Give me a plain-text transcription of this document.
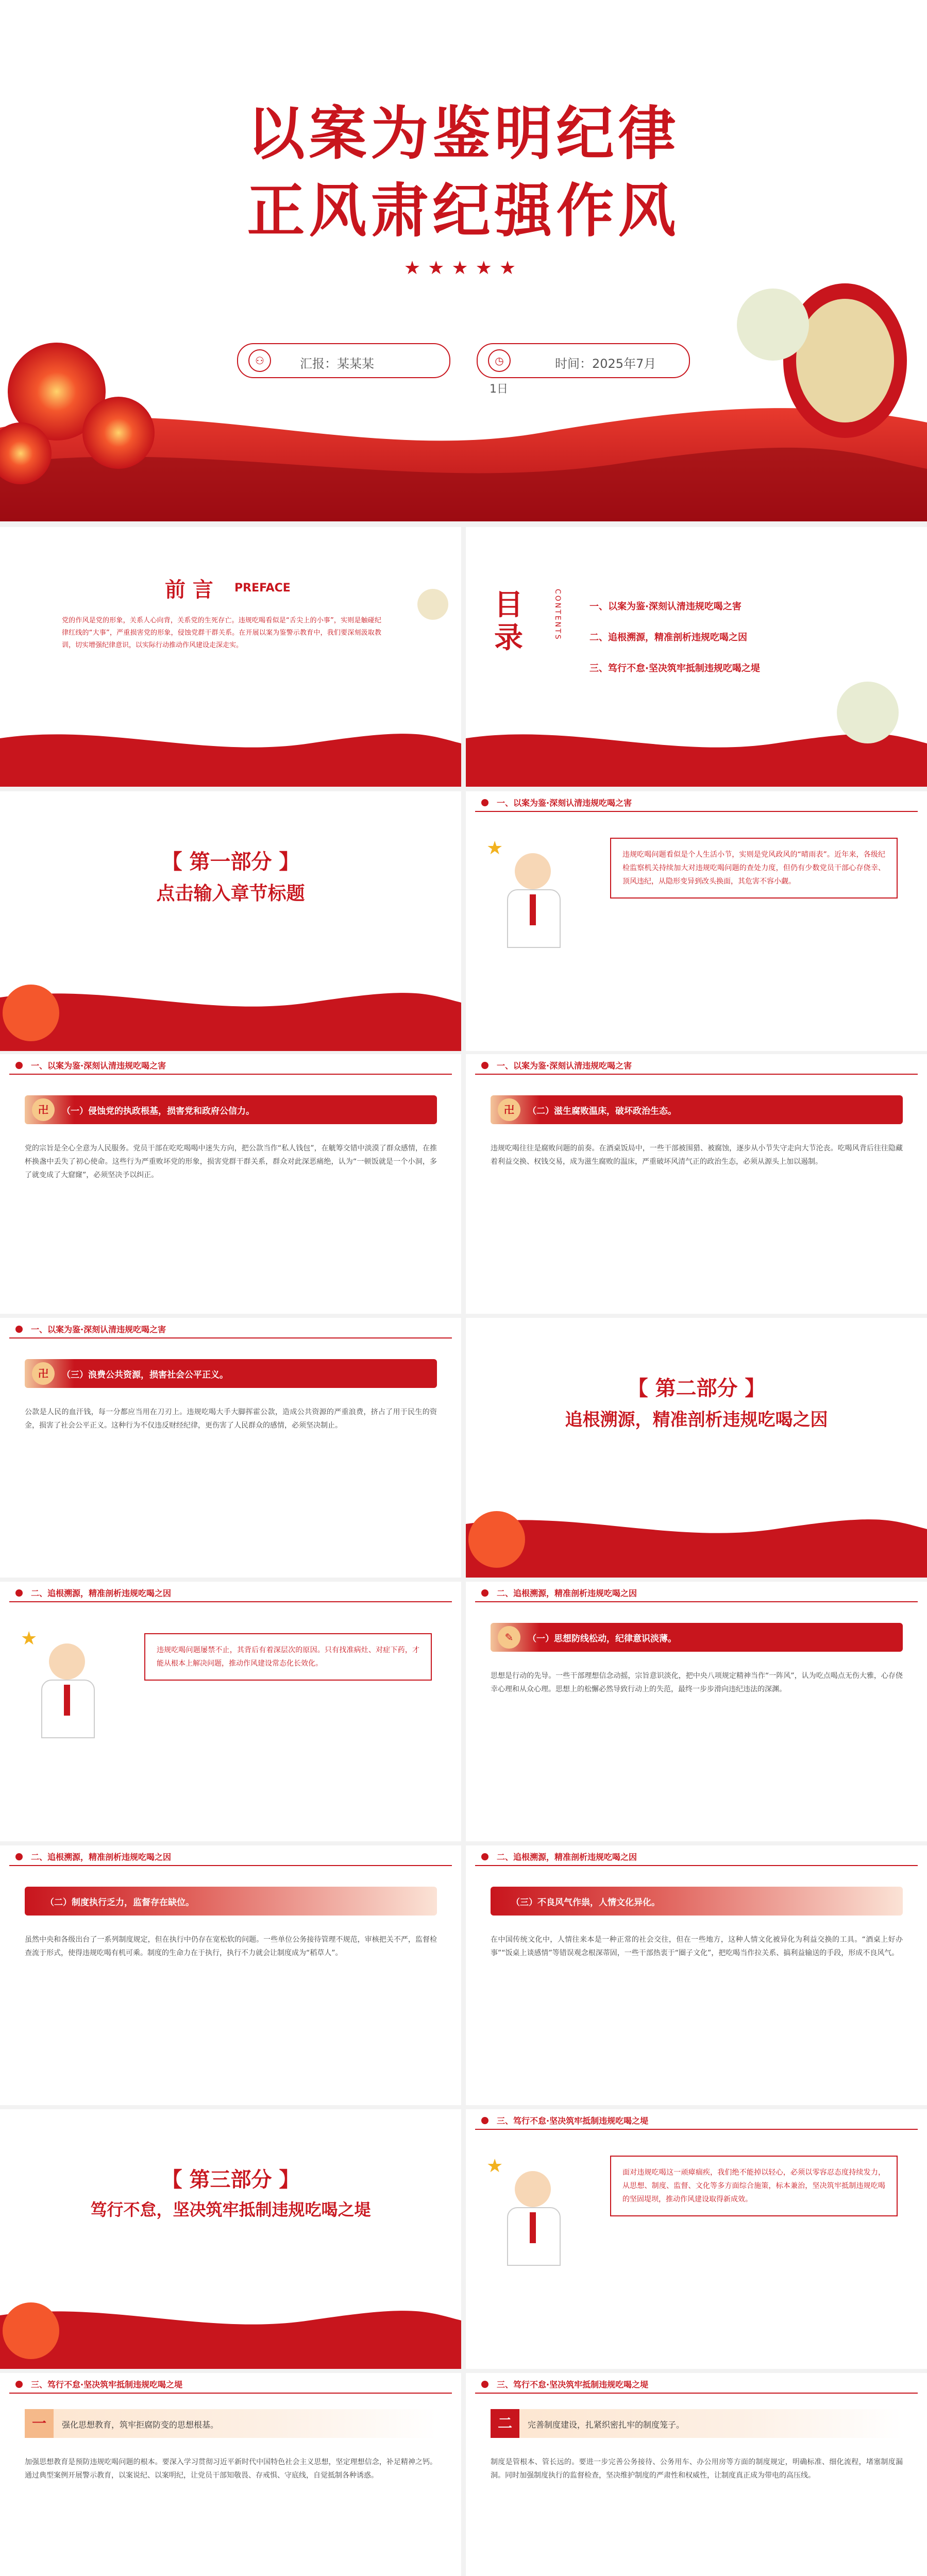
以案为鉴明纪律
正风肃纪强作风
★★★★★
⚇	汇报：某某某	◷	时间：2025年7月
1日
前 言 PREFACE
党的作风是党的形象，关系人心向背，关系党的生死存亡。违规吃喝看似是“舌尖上的小事”，实则是触碰纪律红线的“大事”，严重损害党的形象，侵蚀党群干群关系。在开展以案为鉴警示教育中，我们要深刻汲取教训，切实增强纪律意识，以实际行动推动作风建设走深走实。
目录	CONTENTS	一、以案为鉴·深刻认清违规吃喝之害
二、追根溯源，精准剖析违规吃喝之因
三、笃行不怠·坚决筑牢抵制违规吃喝之堤
【 第一部分 】
点击输入章节标题
一、以案为鉴·深刻认清违规吃喝之害
★	违规吃喝问题看似是个人生活小节，实则是党风政风的“晴雨表”。近年来，各级纪检监察机关持续加大对违规吃喝问题的查处力度，但仍有少数党员干部心存侥幸、顶风违纪，从隐形变异到改头换面，其危害不容小觑。
一、以案为鉴·深刻认清违规吃喝之害
卍	（一）侵蚀党的执政根基，损害党和政府公信力。
党的宗旨是全心全意为人民服务。党员干部在吃吃喝喝中迷失方向，把公款当作“私人钱包”，在觥筹交错中淡漠了群众感情，在推杯换盏中丢失了初心使命。这些行为严重败坏党的形象，损害党群干群关系，群众对此深恶痛绝，认为“一顿饭就是一个小洞，多了就变成了大窟窿”，必须坚决予以纠正。
一、以案为鉴·深刻认清违规吃喝之害
卍	（二）滋生腐败温床，破坏政治生态。
违规吃喝往往是腐败问题的前奏。在酒桌饭局中，一些干部被围猎、被腐蚀，逐步从小节失守走向大节沦丧。吃喝风背后往往隐藏着利益交换、权钱交易，成为滋生腐败的温床，严重破坏风清气正的政治生态，必须从源头上加以遏制。
一、以案为鉴·深刻认清违规吃喝之害
卍	（三）浪费公共资源，损害社会公平正义。
公款是人民的血汗钱，每一分都应当用在刀刃上。违规吃喝大手大脚挥霍公款，造成公共资源的严重浪费，挤占了用于民生的资金，损害了社会公平正义。这种行为不仅违反财经纪律，更伤害了人民群众的感情，必须坚决制止。
【 第二部分 】
追根溯源，精准剖析违规吃喝之因
二、追根溯源，精准剖析违规吃喝之因
★
违规吃喝问题屡禁不止，其背后有着深层次的原因。只有找准病灶、对症下药，才能从根本上解决问题，推动作风建设常态化长效化。
二、追根溯源，精准剖析违规吃喝之因
✎	（一）思想防线松动，纪律意识淡薄。
思想是行动的先导。一些干部理想信念动摇，宗旨意识淡化，把中央八项规定精神当作“一阵风”，认为吃点喝点无伤大雅，心存侥幸心理和从众心理。思想上的松懈必然导致行动上的失范，最终一步步滑向违纪违法的深渊。
二、追根溯源，精准剖析违规吃喝之因
（二）制度执行乏力，监督存在缺位。
虽然中央和各级出台了一系列制度规定，但在执行中仍存在宽松软的问题。一些单位公务接待管理不规范，审核把关不严，监督检查流于形式，使得违规吃喝有机可乘。制度的生命力在于执行，执行不力就会让制度成为“稻草人”。
二、追根溯源，精准剖析违规吃喝之因
（三）不良风气作祟，人情文化异化。
在中国传统文化中，人情往来本是一种正常的社会交往，但在一些地方，这种人情文化被异化为利益交换的工具。“酒桌上好办事”“饭桌上谈感情”等错误观念根深蒂固，一些干部热衷于“圈子文化”，把吃喝当作拉关系、搞利益输送的手段，形成不良风气。
【 第三部分 】
笃行不怠，坚决筑牢抵制违规吃喝之堤
三、笃行不怠·坚决筑牢抵制违规吃喝之堤
★	面对违规吃喝这一顽瘴痼疾，我们绝不能掉以轻心，必须以零容忍态度持续发力，从思想、制度、监督、文化等多方面综合施策，标本兼治，坚决筑牢抵制违规吃喝的坚固堤坝，推动作风建设取得新成效。
三、笃行不怠·坚决筑牢抵制违规吃喝之堤
一	强化思想教育，筑牢拒腐防变的思想根基。
加强思想教育是预防违规吃喝问题的根本。要深入学习贯彻习近平新时代中国特色社会主义思想，坚定理想信念，补足精神之钙。通过典型案例开展警示教育，以案说纪、以案明纪，让党员干部知敬畏、存戒惧、守底线，自觉抵制各种诱惑。
三、笃行不怠·坚决筑牢抵制违规吃喝之堤
二	完善制度建设，扎紧织密扎牢的制度笼子。
制度是管根本、管长远的。要进一步完善公务接待、公务用车、办公用房等方面的制度规定，明确标准、细化流程，堵塞制度漏洞。同时加强制度执行的监督检查，坚决维护制度的严肃性和权威性，让制度真正成为带电的高压线。
